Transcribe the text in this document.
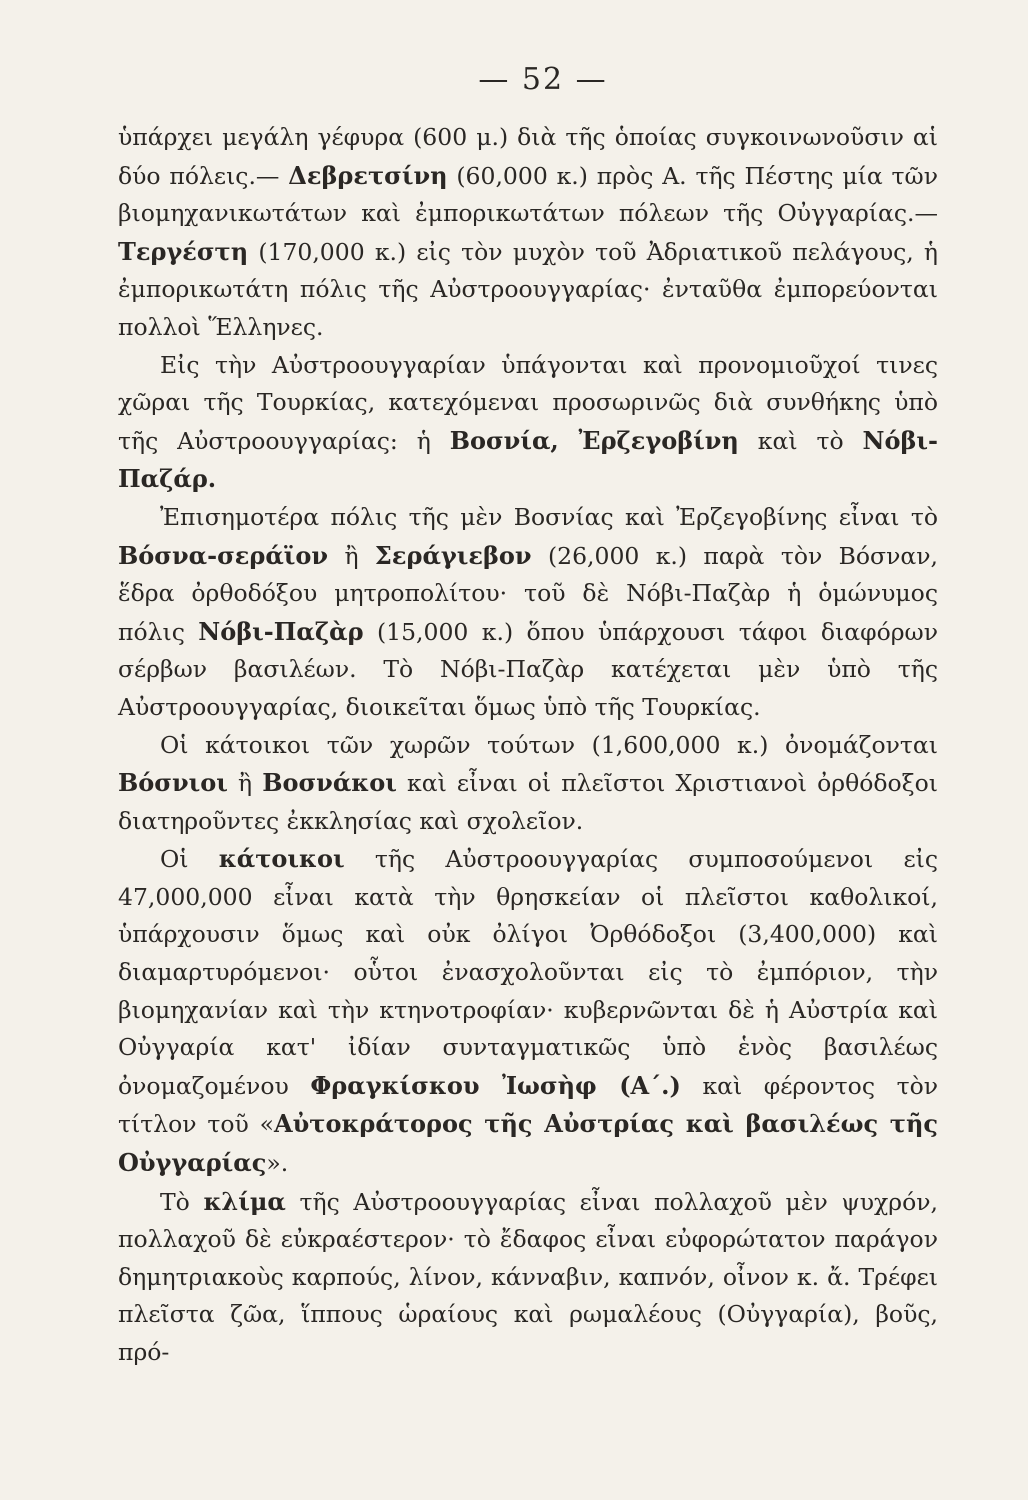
— 52 —

ὑπάρχει μεγάλη γέφυρα (600 μ.) διὰ τῆς ὁποίας συγκοινωνοῦσιν αἱ δύο πόλεις.— Δεβρετσίνη (60,000 κ.) πρὸς Α. τῆς Πέστης μία τῶν βιομηχανικωτάτων καὶ ἐμπορικωτάτων πόλεων τῆς Οὐγγαρίας.—Τεργέστη (170,000 κ.) εἰς τὸν μυχὸν τοῦ Ἀδριατικοῦ πελάγους, ἡ ἐμπορικωτάτη πόλις τῆς Αὐστροουγγαρίας· ἐνταῦθα ἐμπορεύονται πολλοὶ Ἕλληνες.

Εἰς τὴν Αὐστροουγγαρίαν ὑπάγονται καὶ προνομιοῦχοί τινες χῶραι τῆς Τουρκίας, κατεχόμεναι προσωρινῶς διὰ συνθήκης ὑπὸ τῆς Αὐστροουγγαρίας: ἡ Βοσνία, Ἐρζεγοβίνη καὶ τὸ Νόβι-Παζάρ.

Ἐπισημοτέρα πόλις τῆς μὲν Βοσνίας καὶ Ἐρζεγοβίνης εἶναι τὸ Βόσνα-σεράϊον ἢ Σεράγιεβον (26,000 κ.) παρὰ τὸν Βόσναν, ἕδρα ὀρθοδόξου μητροπολίτου· τοῦ δὲ Νόβι-Παζὰρ ἡ ὁμώνυμος πόλις Νόβι-Παζὰρ (15,000 κ.) ὅπου ὑπάρχουσι τάφοι διαφόρων σέρβων βασιλέων. Τὸ Νόβι-Παζὰρ κατέχεται μὲν ὑπὸ τῆς Αὐστροουγγαρίας, διοικεῖται ὅμως ὑπὸ τῆς Τουρκίας.

Οἱ κάτοικοι τῶν χωρῶν τούτων (1,600,000 κ.) ὀνομάζονται Βόσνιοι ἢ Βοσνάκοι καὶ εἶναι οἱ πλεῖστοι Χριστιανοὶ ὀρθόδοξοι διατηροῦντες ἐκκλησίας καὶ σχολεῖον.

Οἱ κάτοικοι τῆς Αὐστροουγγαρίας συμποσούμενοι εἰς 47,000,000 εἶναι κατὰ τὴν θρησκείαν οἱ πλεῖστοι καθολικοί, ὑπάρχουσιν ὅμως καὶ οὐκ ὀλίγοι Ὀρθόδοξοι (3,400,000) καὶ διαμαρτυρόμενοι· οὗτοι ἐνασχολοῦνται εἰς τὸ ἐμπόριον, τὴν βιομηχανίαν καὶ τὴν κτηνοτροφίαν· κυβερνῶνται δὲ ἡ Αὐστρία καὶ Οὐγγαρία κατ' ἰδίαν συνταγματικῶς ὑπὸ ἑνὸς βασιλέως ὀνομαζομένου Φραγκίσκου Ἰωσὴφ (Α΄.) καὶ φέροντος τὸν τίτλον τοῦ «Αὐτοκράτορος τῆς Αὐστρίας καὶ βασιλέως τῆς Οὐγγαρίας».

Τὸ κλίμα τῆς Αὐστροουγγαρίας εἶναι πολλαχοῦ μὲν ψυχρόν, πολλαχοῦ δὲ εὐκραέστερον· τὸ ἔδαφος εἶναι εὐφορώτατον παράγον δημητριακοὺς καρπούς, λίνον, κάνναβιν, καπνόν, οἶνον κ. ἄ. Τρέφει πλεῖστα ζῶα, ἵππους ὡραίους καὶ ρωμαλέους (Οὐγγαρία), βοῦς, πρό-
